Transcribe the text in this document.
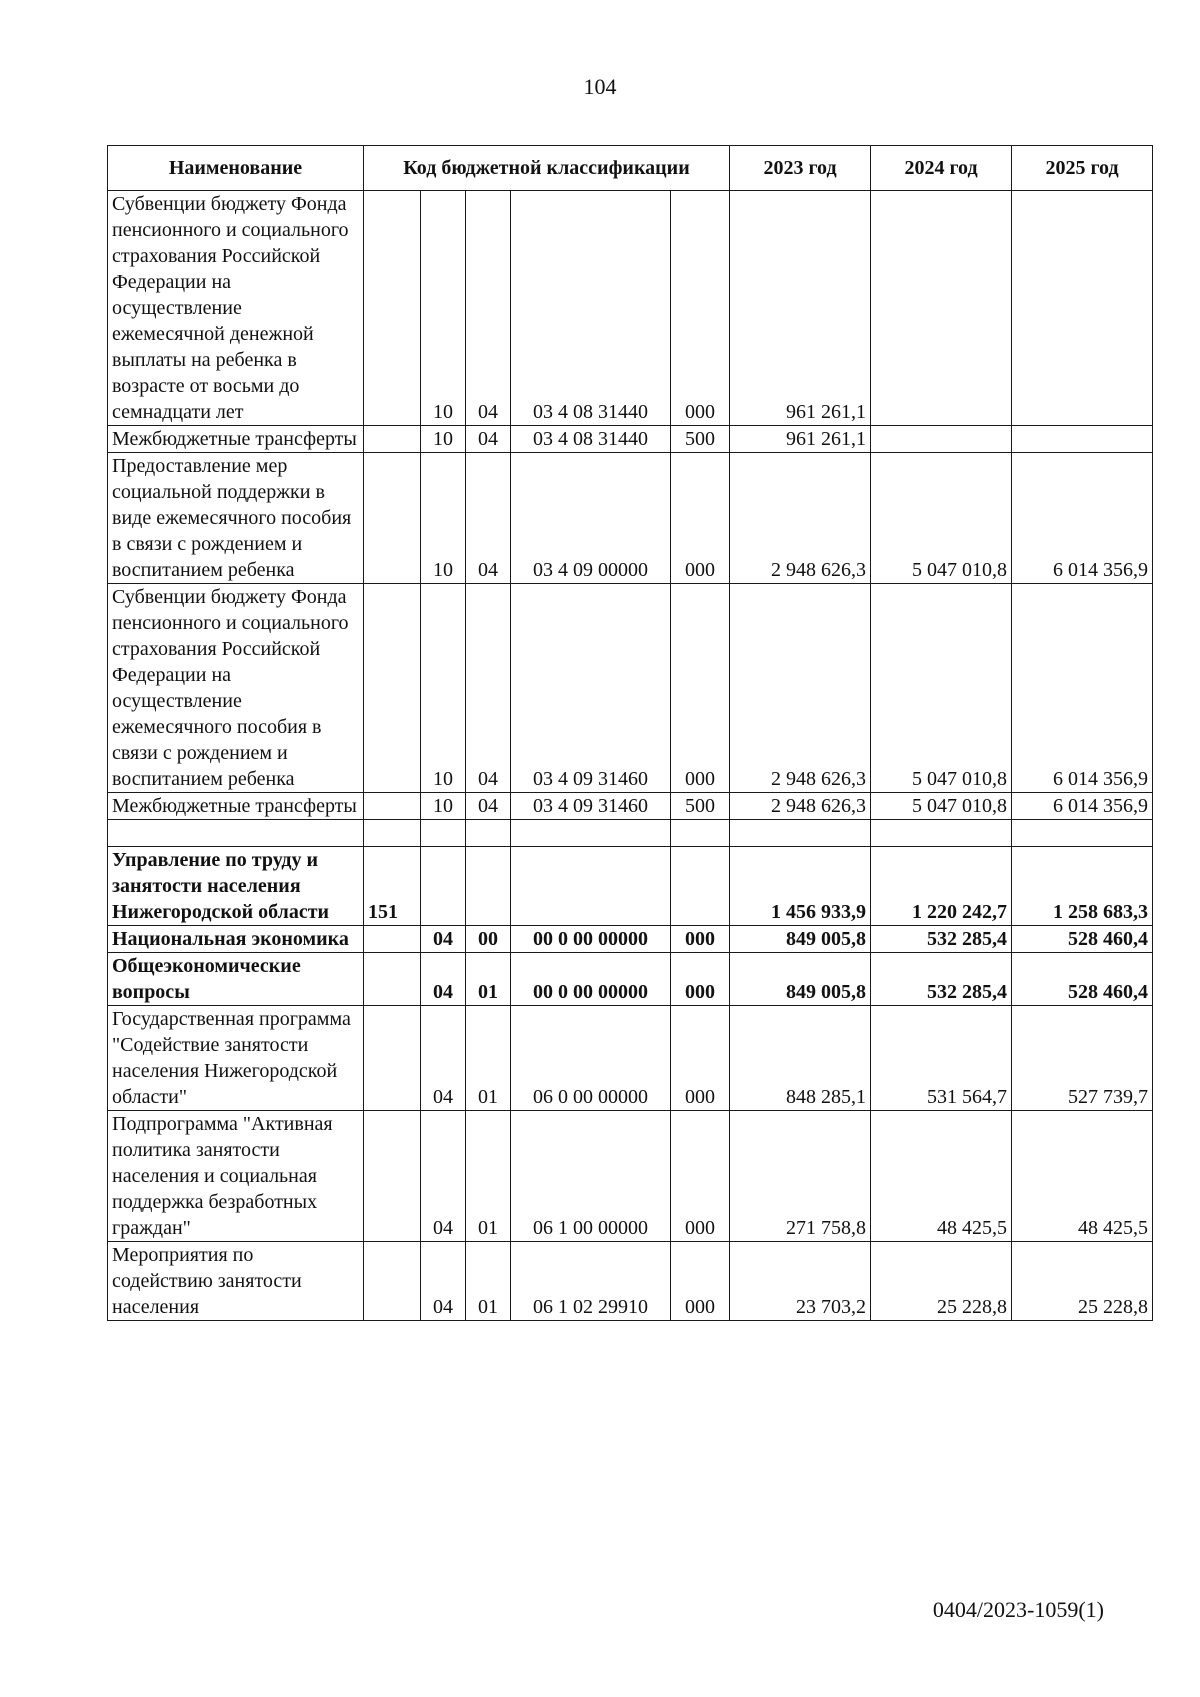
104
Наименование	Код бюджетной классификации					2023 год	2024 год	2025 год
Субвенции бюджету Фонда пенсионного и социального страхования Российской Федерации на осуществление ежемесячной денежной выплаты на ребенка в возрасте от восьми до семнадцати лет		10	04	03 4 08 31440	000	961 261,1		
Межбюджетные трансферты		10	04	03 4 08 31440	500	961 261,1		
Предоставление мер социальной поддержки в виде ежемесячного пособия в связи с рождением и воспитанием ребенка		10	04	03 4 09 00000	000	2 948 626,3	5 047 010,8	6 014 356,9
Субвенции бюджету Фонда пенсионного и социального страхования Российской Федерации на осуществление ежемесячного пособия в связи с рождением и воспитанием ребенка		10	04	03 4 09 31460	000	2 948 626,3	5 047 010,8	6 014 356,9
Межбюджетные трансферты		10	04	03 4 09 31460	500	2 948 626,3	5 047 010,8	6 014 356,9

Управление по труду и занятости населения Нижегородской области	151					1 456 933,9	1 220 242,7	1 258 683,3
Национальная экономика		04	00	00 0 00 00000	000	849 005,8	532 285,4	528 460,4
Общеэкономические вопросы		04	01	00 0 00 00000	000	849 005,8	532 285,4	528 460,4
Государственная программа "Содействие занятости населения Нижегородской области"		04	01	06 0 00 00000	000	848 285,1	531 564,7	527 739,7
Подпрограмма "Активная политика занятости населения и социальная поддержка безработных граждан"		04	01	06 1 00 00000	000	271 758,8	48 425,5	48 425,5
Мероприятия по содействию занятости населения		04	01	06 1 02 29910	000	23 703,2	25 228,8	25 228,8
0404/2023-1059(1)
